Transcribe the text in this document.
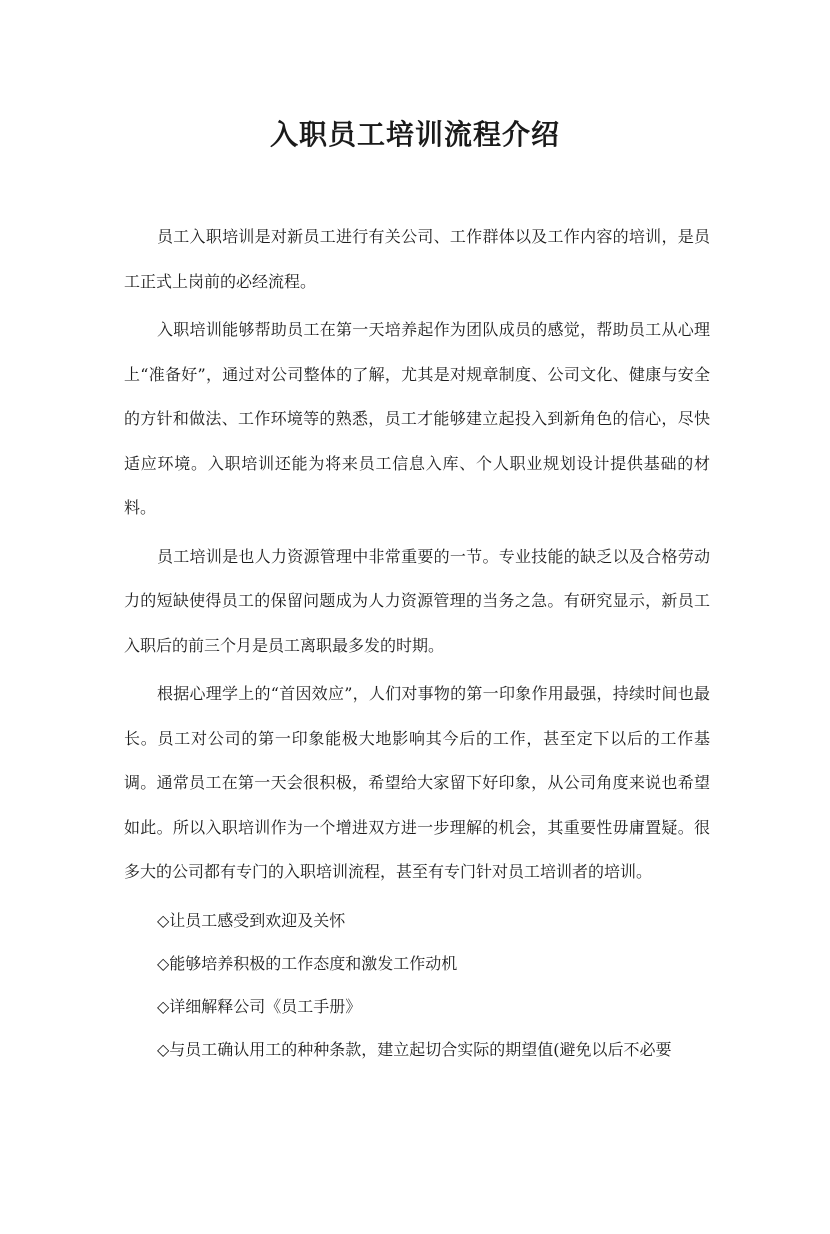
入职员工培训流程介绍

员工入职培训是对新员工进行有关公司、工作群体以及工作内容的培训，是员工正式上岗前的必经流程。

入职培训能够帮助员工在第一天培养起作为团队成员的感觉，帮助员工从心理上“准备好”，通过对公司整体的了解，尤其是对规章制度、公司文化、健康与安全的方针和做法、工作环境等的熟悉，员工才能够建立起投入到新角色的信心，尽快适应环境。入职培训还能为将来员工信息入库、个人职业规划设计提供基础的材料。

员工培训是也人力资源管理中非常重要的一节。专业技能的缺乏以及合格劳动力的短缺使得员工的保留问题成为人力资源管理的当务之急。有研究显示，新员工入职后的前三个月是员工离职最多发的时期。

根据心理学上的“首因效应”，人们对事物的第一印象作用最强，持续时间也最长。员工对公司的第一印象能极大地影响其今后的工作，甚至定下以后的工作基调。通常员工在第一天会很积极，希望给大家留下好印象，从公司角度来说也希望如此。所以入职培训作为一个增进双方进一步理解的机会，其重要性毋庸置疑。很多大的公司都有专门的入职培训流程，甚至有专门针对员工培训者的培训。

◇让员工感受到欢迎及关怀

◇能够培养积极的工作态度和激发工作动机

◇详细解释公司《员工手册》

◇与员工确认用工的种种条款，建立起切合实际的期望值(避免以后不必要
